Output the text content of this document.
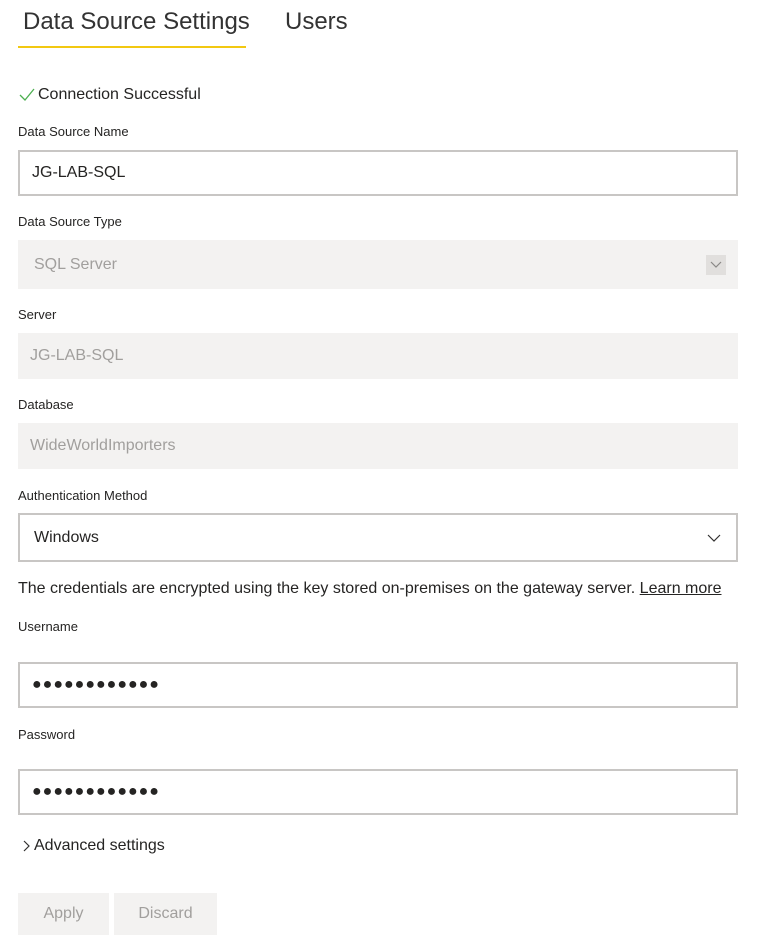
Data Source Settings Users
Connection Successful
Data Source Name
JG-LAB-SQL
Data Source Type
SQL Server
Server
JG-LAB-SQL
Database
WideWorldImporters
Authentication Method
Windows
The credentials are encrypted using the key stored on-premises on the gateway server. Learn more
Username
●●●●●●●●●●●●
Password
●●●●●●●●●●●●
Advanced settings
Apply	Discard
